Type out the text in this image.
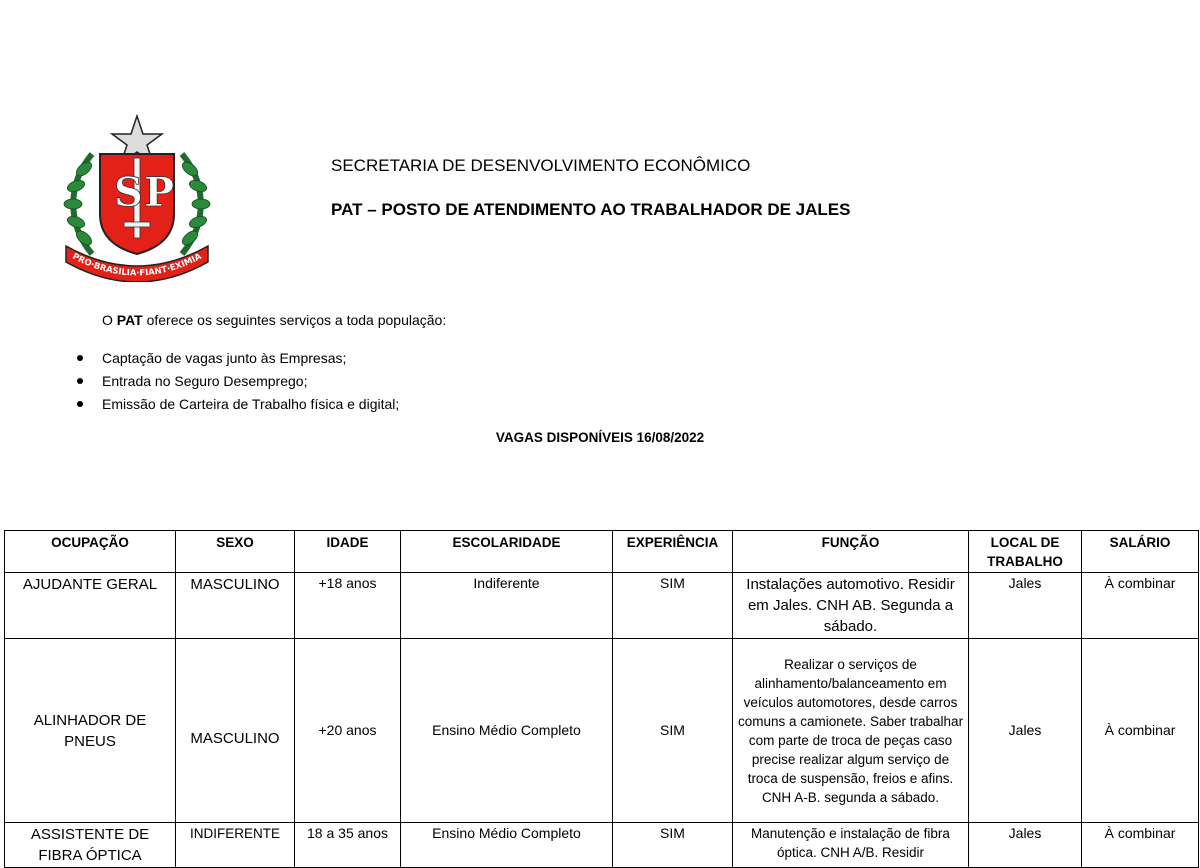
S P
PRO·BRASILIA·FIANT·EXIMIA
SECRETARIA DE DESENVOLVIMENTO ECONÔMICO
PAT – POSTO DE ATENDIMENTO AO TRABALHADOR DE JALES
O PAT oferece os seguintes serviços a toda população:
Captação de vagas junto às Empresas;
Entrada no Seguro Desemprego;
Emissão de Carteira de Trabalho física e digital;
VAGAS DISPONÍVEIS 16/08/2022
OCUPAÇÃO	SEXO	IDADE	ESCOLARIDADE	EXPERIÊNCIA	FUNÇÃO	LOCAL DE TRABALHO	SALÁRIO
AJUDANTE GERAL	MASCULINO	+18 anos	Indiferente	SIM	Instalações automotivo. Residir em Jales. CNH AB. Segunda a sábado.	Jales	À combinar
ALINHADOR DE PNEUS	MASCULINO	+20 anos	Ensino Médio Completo	SIM	Realizar o serviços de alinhamento/balanceamento em veículos automotores, desde carros comuns a camionete. Saber trabalhar com parte de troca de peças caso precise realizar algum serviço de troca de suspensão, freios e afins. CNH A-B. segunda a sábado.	Jales	À combinar
ASSISTENTE DE FIBRA ÓPTICA	INDIFERENTE	18 a 35 anos	Ensino Médio Completo	SIM	Manutenção e instalação de fibra óptica. CNH A/B. Residir	Jales	À combinar
